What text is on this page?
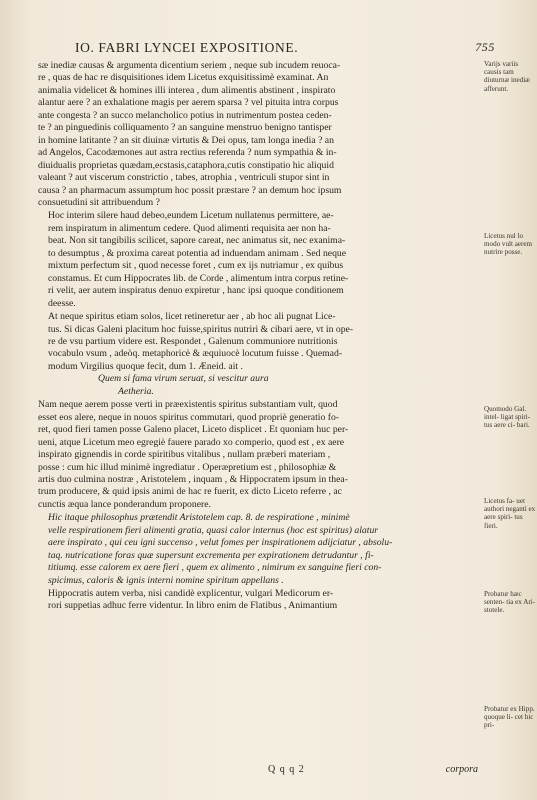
IO. FABRI LYNCEI EXPOSITIONE.	755

sæ inediæ causas & argumenta dicentium seriem , neque sub incudem reuoca-
re , quas de hac re disquisitiones idem Licetus exquisitissimè examinat. An
animalia videlicet & homines illi interea , dum alimentis abstinent , inspirato
alantur aere ? an exhalatione magis per aerem sparsa ? vel pituita intra corpus
ante congesta ? an succo melancholico potius in nutrimentum postea ceden-
te ? an pinguedinis colliquamento ? an sanguine menstruo benigno tantisper
in homine latitante ? an sit diuinæ virtutis & Dei opus, tam longa inedia ? an
ad Angelos, Cacodæmones aut astra rectius referenda ? num sympathia & in-
diuidualis proprietas quædam,ecstasis,cataphora,cutis constipatio hic aliquid
valeant ? aut viscerum constrictio , tabes, atrophia , ventriculi stupor sint in
causa ? an pharmacum assumptum hoc possit præstare ? an demum hoc ipsum
consuetudini sit attribuendum ?

Hoc interim silere haud debeo,eundem Licetum nullatenus permittere, ae-
rem inspiratum in alimentum cedere. Quod alimenti requisita aer non ha-
beat. Non sit tangibilis scilicet, sapore careat, nec animatus sit, nec exanima-
to desumptus , & proxima careat potentia ad induendam animam . Sed neque
mixtum perfectum sit , quod necesse foret , cum ex ijs nutriamur , ex quibus
constamus. Et cum Hippocrates lib. de Corde , alimentum intra corpus retine-
ri velit, aer autem inspiratus denuo expiretur , hanc ipsi quoque conditionem
deesse.

At neque spiritus etiam solos, licet retineretur aer , ab hoc ali pugnat Lice-
tus. Si dicas Galeni placitum hoc fuisse,spiritus nutriri & cibari aere, vt in ope-
re de vsu partium videre est. Respondet , Galenum communiore nutritionis
vocabulo vsum , adeòq. metaphoricè & æquiuocè locutum fuisse . Quemad-
modum Virgilius quoque fecit, dum 1. Æneid. ait .
Quem si fama virum seruat, si vescitur aura
Aetheria.

Nam neque aerem posse verti in præexistentis spiritus substantiam vult, quod
esset eos alere, neque in nouos spiritus commutari, quod propriè generatio fo-
ret, quod fieri tamen posse Galeno placet, Liceto displicet . Et quoniam huc per-
ueni, atque Licetum meo egregiè fauere parado xo comperio, quod est , ex aere
inspirato gignendis in corde spiritibus vitalibus , nullam præberi materiam ,
posse : cum hic illud minimè ingrediatur . Operæpretium est , philosophiæ &
artis duo culmina nostræ , Aristotelem , inquam , & Hippocratem ipsum in thea-
trum producere, & quid ipsis animi de hac re fuerit, ex dicto Liceto referre , ac
cunctis æqua lance ponderandum proponere.

Hic itaque philosophus prætendit Aristotelem cap. 8. de respiratione , minimè
velle respirationem fieri alimenti gratia, quasi calor internus (hoc est spiritus) alatur
aere inspirato , qui ceu igni succenso , velut fomes per inspirationem adijciatur , absolu-
taq. nutricatione foras quæ supersunt excrementa per expirationem detrudantur , fi-
titiumq. esse calorem ex aere fieri , quem ex alimento , nimirum ex sanguine fieri con-
spicimus, caloris & ignis interni nomine spiritum appellans .

Hippocratis autem verba, nisi candidè explicentur, vulgari Medicorum er-
rori suppetias adhuc ferre videntur. In libro enim de Flatibus , Animantium

Varijs variis causis tam diuturnæ inediæ afferunt.
Licetus nul lo modo vult aerem nutrire posse.
Quomodo Gal. intel- ligat spiri- tus aere ci- bari.
Licetus fa- uet authori negantì ex aere spiri- tus fieri.
Probatur hæc senten- tia ex Ari- stotele.
Probatur ex Hipp. quoque li- cet hic pri-
Q q q 2	corpora
